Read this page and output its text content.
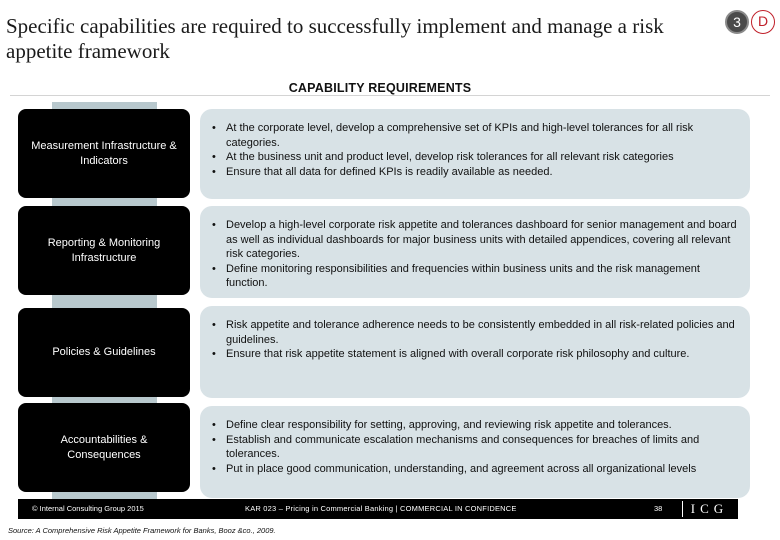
Specific capabilities are required to successfully implement and manage a risk appetite framework
3	D
CAPABILITY REQUIREMENTS
Measurement Infrastructure & Indicators
• At the corporate level, develop a comprehensive set of KPIs and high-level tolerances for all risk categories.
• At the business unit and product level, develop risk tolerances for all relevant risk categories
• Ensure that all data for defined KPIs is readily available as needed.
Reporting & Monitoring Infrastructure
• Develop a high-level corporate risk appetite and tolerances dashboard for senior management and board as well as individual dashboards for major business units with detailed appendices, covering all relevant risk categories.
• Define monitoring responsibilities and frequencies within business units and the risk management function.
Policies & Guidelines
• Risk appetite and tolerance adherence needs to be consistently embedded in all risk-related policies and guidelines.
• Ensure that risk appetite statement is aligned with overall corporate risk philosophy and culture.
Accountabilities & Consequences
• Define clear responsibility for setting, approving, and reviewing risk appetite and tolerances.
• Establish and communicate escalation mechanisms and consequences for breaches of limits and tolerances.
• Put in place good communication, understanding, and agreement across all organizational levels
© Internal Consulting Group 2015	KAR 023 – Pricing in Commercial Banking | COMMERCIAL IN CONFIDENCE	38	ICG
Source: A Comprehensive Risk Appetite Framework for Banks, Booz &co., 2009.
